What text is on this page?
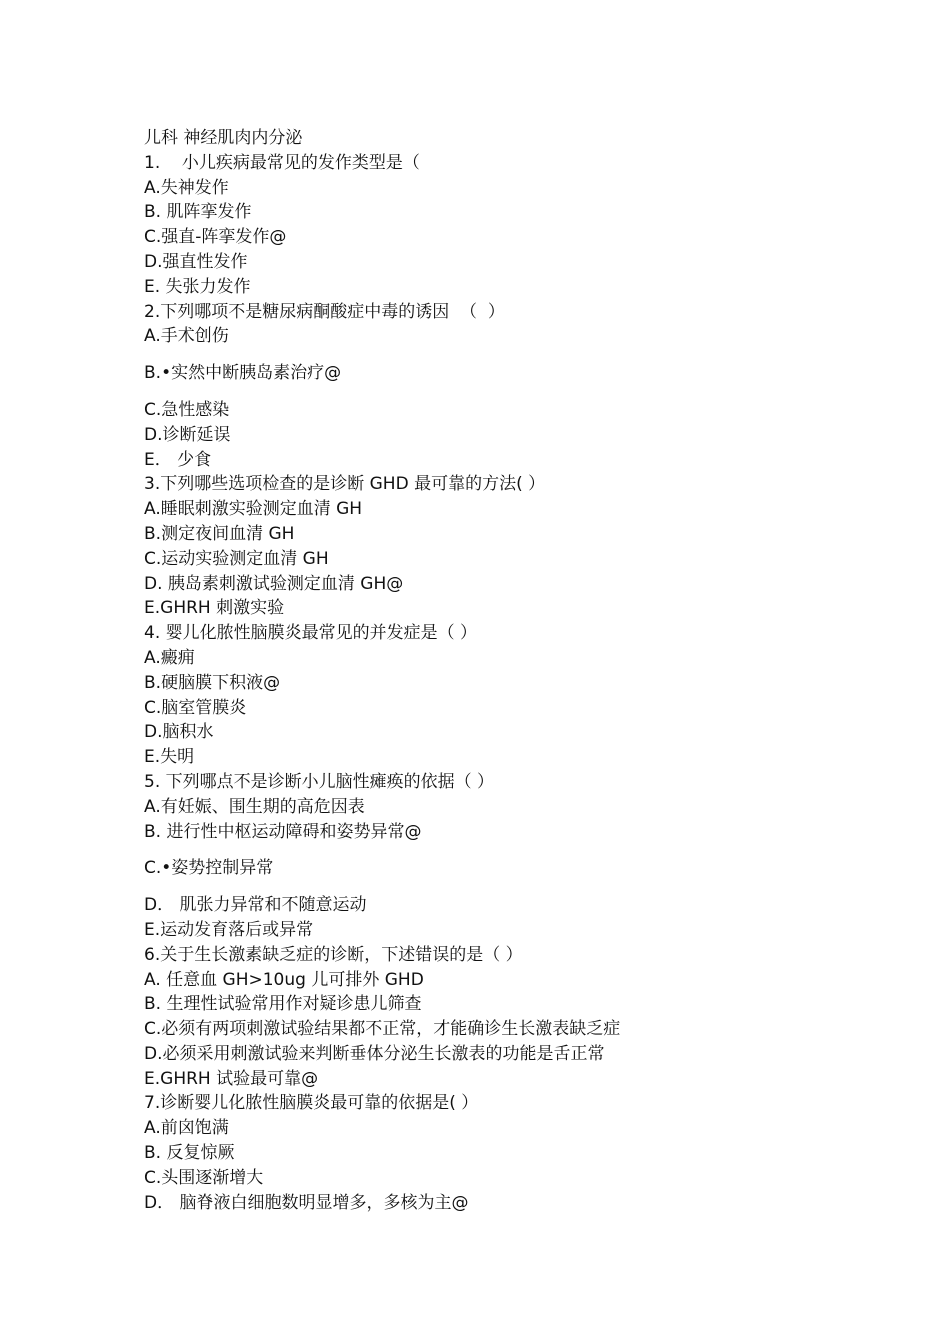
儿科 神经肌肉内分泌

1.    小儿疾病最常见的发作类型是（

A.失神发作

B. 肌阵挛发作

C.强直-阵挛发作@

D.强直性发作

E. 失张力发作

2.下列哪项不是糖尿病酮酸症中毒的诱因  （  ）

A.手术创伤

B.•实然中断胰岛素治疗@

C.急性感染

D.诊断延误

E． 少食

3.下列哪些选项检查的是诊断 GHD 最可靠的方法( ）

A.睡眠刺激实验测定血清 GH

B.测定夜间血清 GH

C.运动实验测定血清 GH

D. 胰岛素刺激试验测定血清 GH@

E.GHRH 刺激实验

4. 婴儿化脓性脑膜炎最常见的并发症是（ ）

A.癜痈

B.硬脑膜下积液@

C.脑室管膜炎

D.脑积水

E.失明

5. 下列哪点不是诊断小儿脑性瘫痪的依据（ ）

A.有妊娠、围生期的高危因表

B. 进行性中枢运动障碍和姿势异常@

C.•姿势控制异常

D． 肌张力异常和不随意运动

E.运动发育落后或异常

6.关于生长激素缺乏症的诊断，下述错误的是（ ）

A. 任意血 GH>10ug 儿可排外 GHD

B. 生理性试验常用作对疑诊患儿筛查

C.必须有两项刺激试验结果都不正常，才能确诊生长激表缺乏症

D.必须采用刺激试验来判断垂体分泌生长激表的功能是舌正常

E.GHRH 试验最可靠@

7.诊断婴儿化脓性脑膜炎最可靠的依据是( ）

A.前囟饱满

B. 反复惊厥

C.头围逐渐增大

D． 脑脊液白细胞数明显增多，多核为主@
